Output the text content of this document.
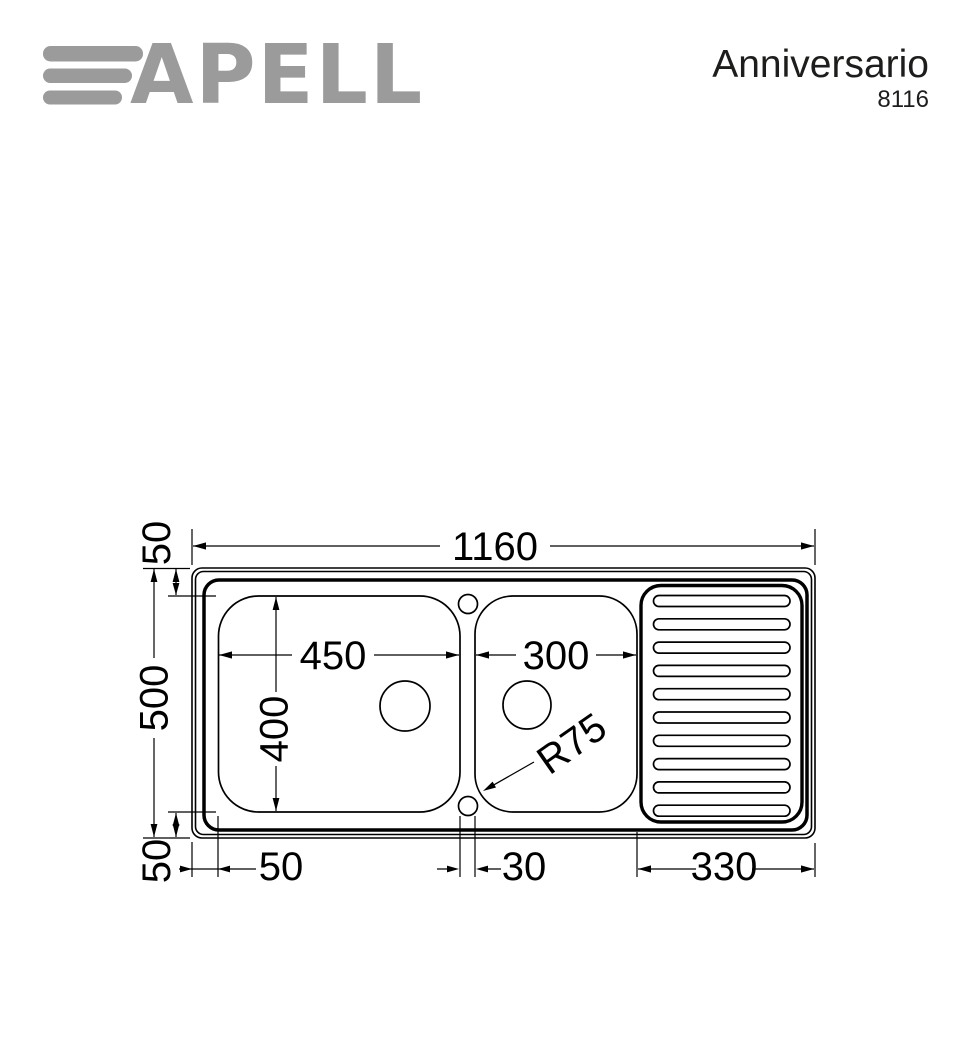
APELL	Anniversario
8116
1160
500
50
50
450
400
300
50	30	330
R75
